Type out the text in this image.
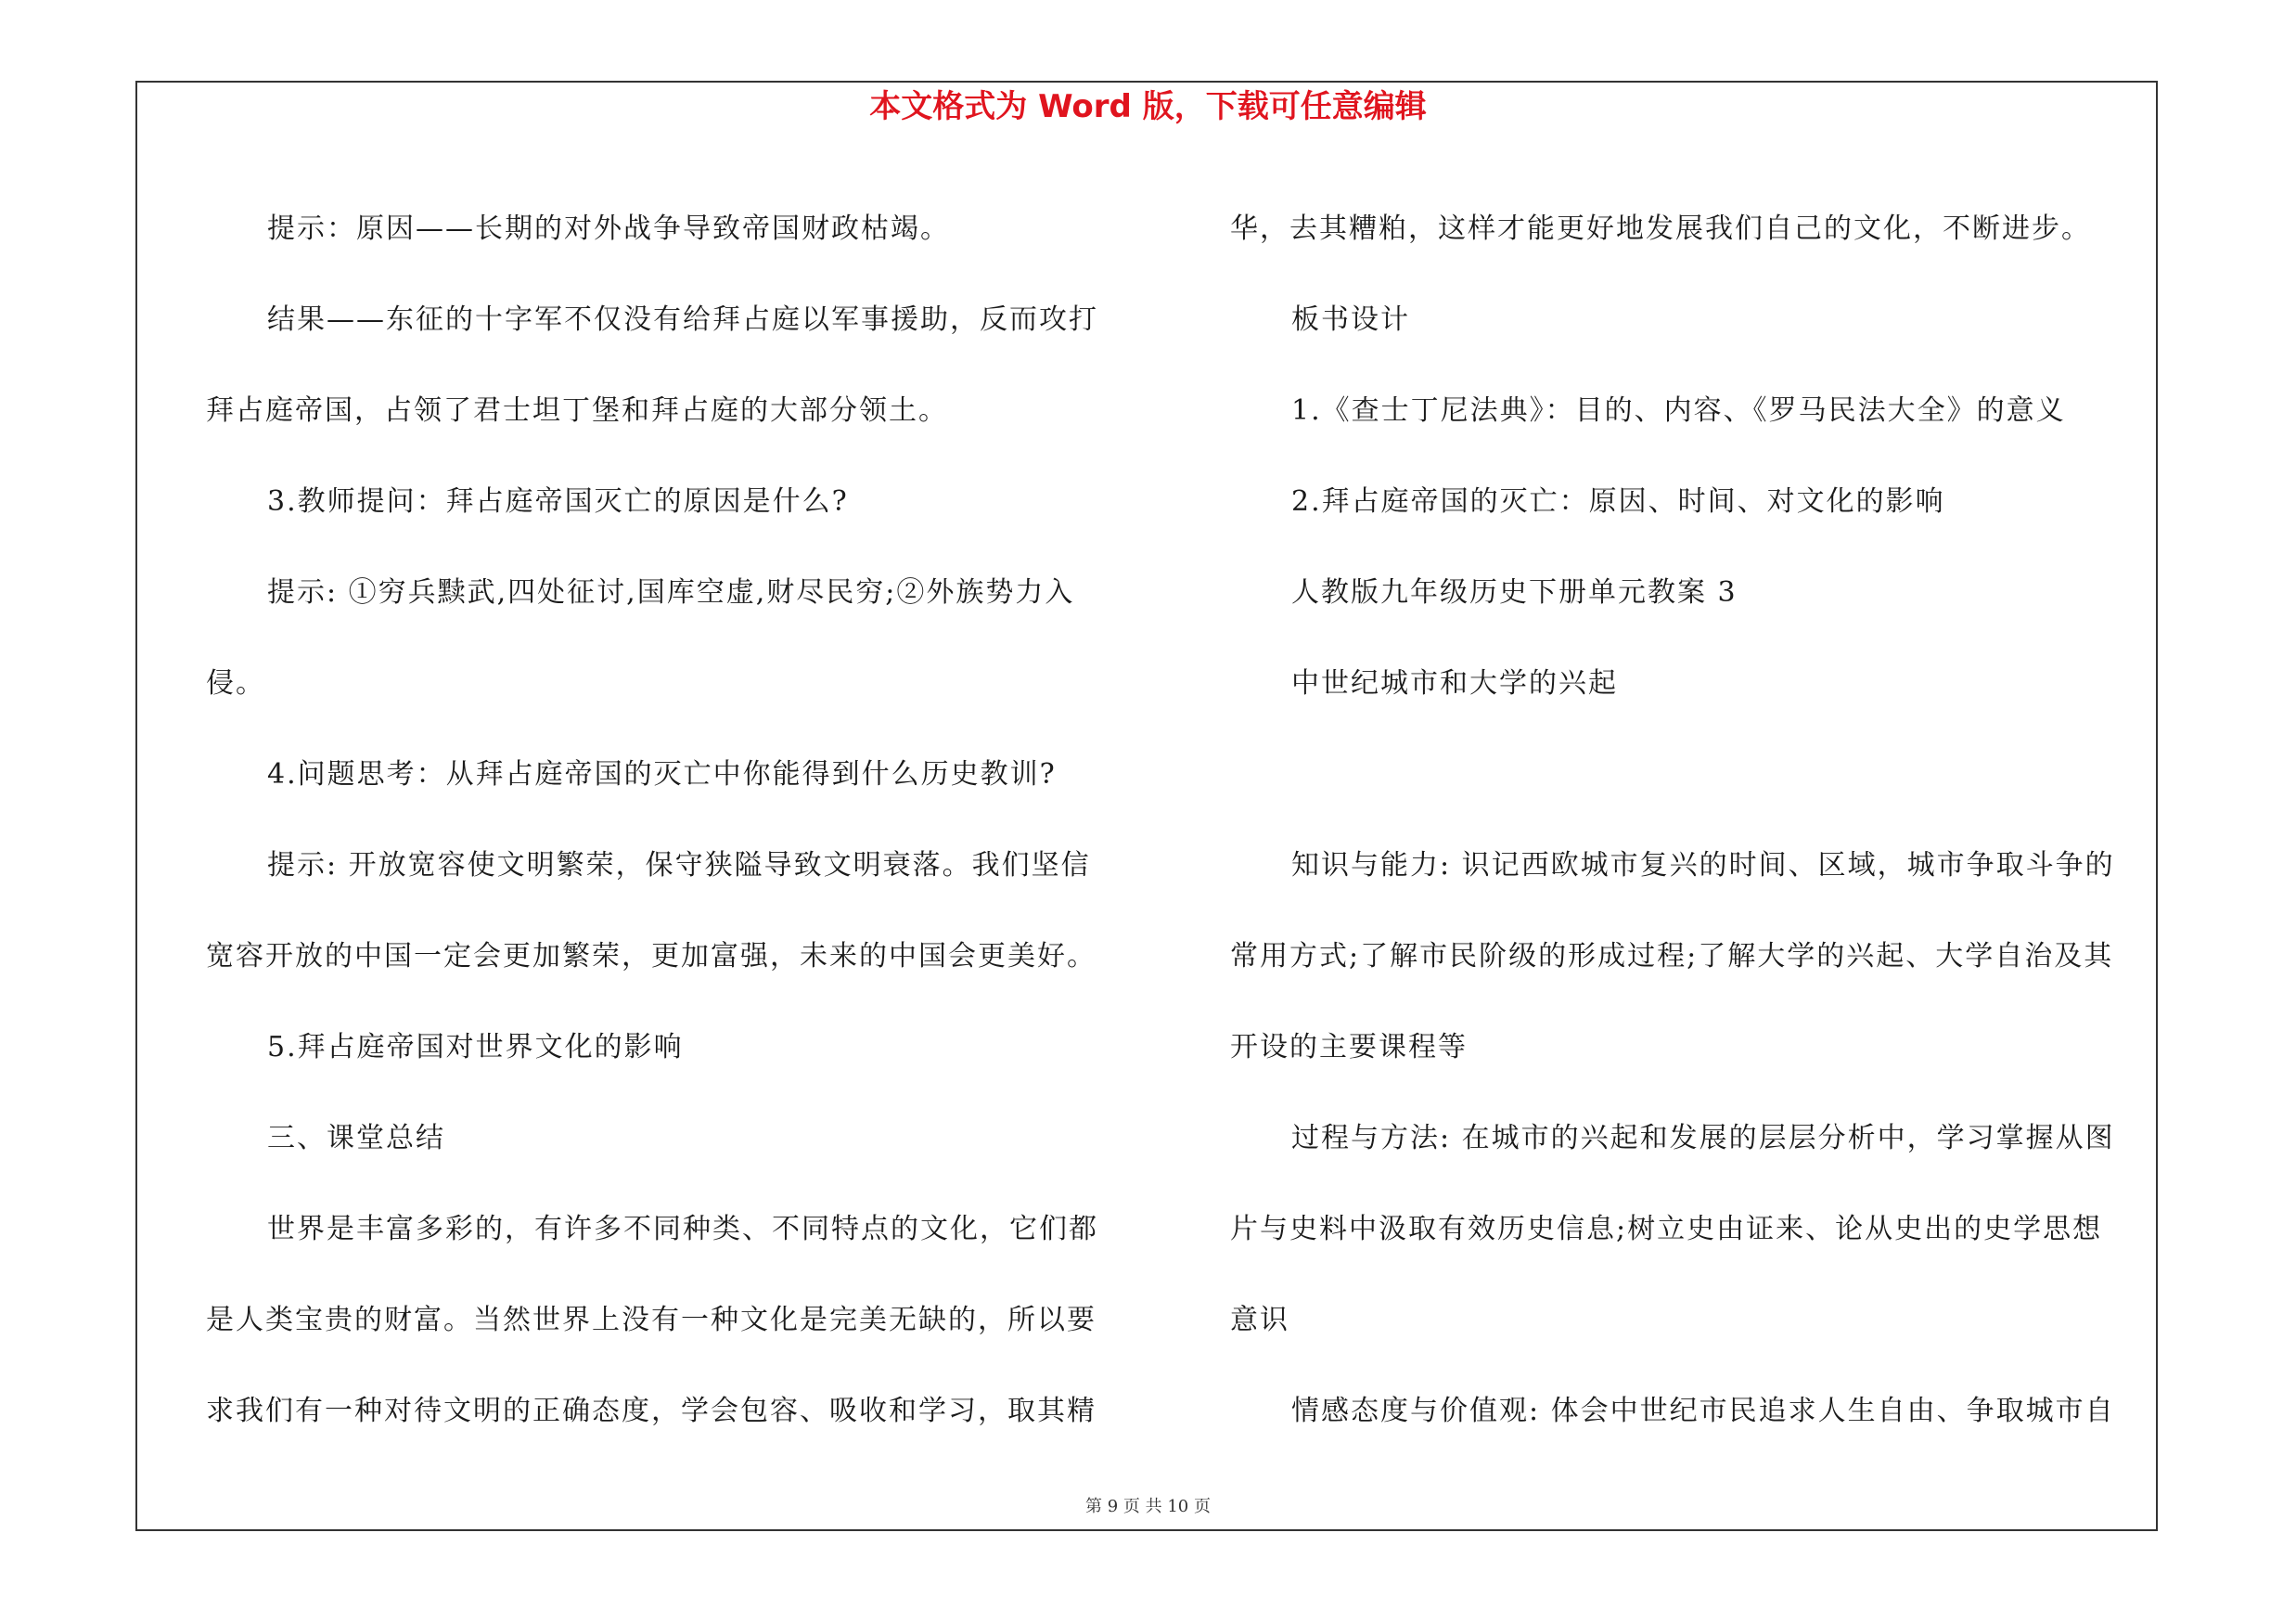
本文格式为 Word 版，下载可任意编辑
提示：原因——长期的对外战争导致帝国财政枯竭。
结果——东征的十字军不仅没有给拜占庭以军事援助，反而攻打
拜占庭帝国，占领了君士坦丁堡和拜占庭的大部分领土。
3.教师提问：拜占庭帝国灭亡的原因是什么?
提示: ①穷兵黩武,四处征讨,国库空虚,财尽民穷;②外族势力入
侵。
4.问题思考：从拜占庭帝国的灭亡中你能得到什么历史教训?
提示: 开放宽容使文明繁荣，保守狭隘导致文明衰落。我们坚信
宽容开放的中国一定会更加繁荣，更加富强，未来的中国会更美好。
5.拜占庭帝国对世界文化的影响
三、课堂总结
世界是丰富多彩的，有许多不同种类、不同特点的文化，它们都
是人类宝贵的财富。当然世界上没有一种文化是完美无缺的，所以要
求我们有一种对待文明的正确态度，学会包容、吸收和学习，取其精
华，去其糟粕，这样才能更好地发展我们自己的文化，不断进步。
板书设计
1.《查士丁尼法典》：目的、内容、《罗马民法大全》的意义
2.拜占庭帝国的灭亡：原因、时间、对文化的影响
人教版九年级历史下册单元教案 3
中世纪城市和大学的兴起
知识与能力: 识记西欧城市复兴的时间、区域，城市争取斗争的
常用方式;了解市民阶级的形成过程;了解大学的兴起、大学自治及其
开设的主要课程等
过程与方法: 在城市的兴起和发展的层层分析中，学习掌握从图
片与史料中汲取有效历史信息;树立史由证来、论从史出的史学思想
意识
情感态度与价值观: 体会中世纪市民追求人生自由、争取城市自
第 9 页 共 10 页
